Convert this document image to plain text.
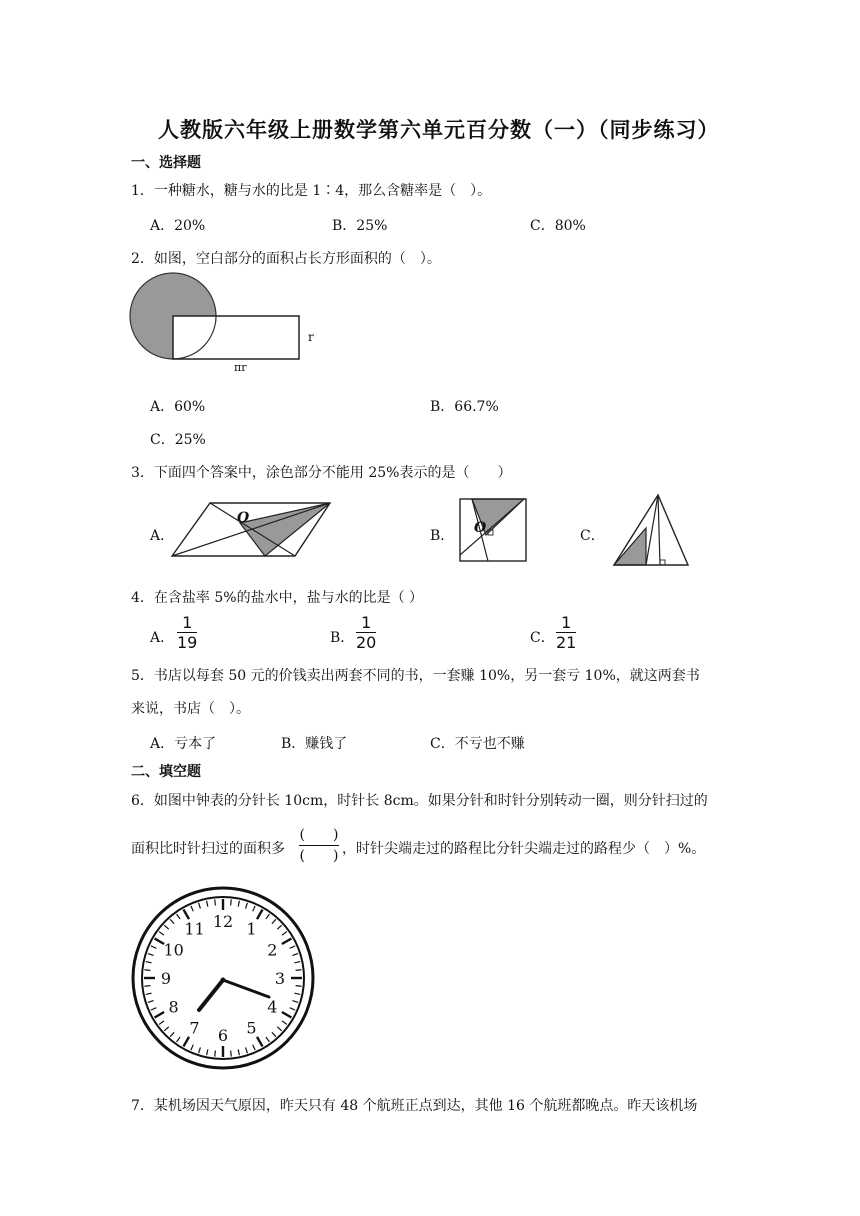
人教版六年级上册数学第六单元百分数（一）（同步练习）
一、选择题
1．一种糖水，糖与水的比是 1∶4，那么含糖率是（　）。
A．20%	B．25%	C．80%
2．如图，空白部分的面积占长方形面积的（　）。
r
πr
A．60%	B．66.7%
C．25%
3．下面四个答案中，涂色部分不能用 25%表示的是（　　）
A．
O
B． O	C．
4．在含盐率 5%的盐水中，盐与水的比是（ ）
A．
1
19	B．
1
20	C．
1
21
5．书店以每套 50 元的价钱卖出两套不同的书，一套赚 10%，另一套亏 10%，就这两套书
来说，书店（　）。
A．亏本了	B．赚钱了	C．不亏也不赚
二、填空题
6．如图中钟表的分针长 10cm，时针长 8cm。如果分针和时针分别转动一圈，则分针扫过的
面积比时针扫过的面积多
(　　)
(　　) ，时针尖端走过的路程比分针尖端走过的路程少（　）%。
12 1
2
3
4
5
6
7
8
9
10
11
7．某机场因天气原因，昨天只有 48 个航班正点到达，其他 16 个航班都晚点。昨天该机场
